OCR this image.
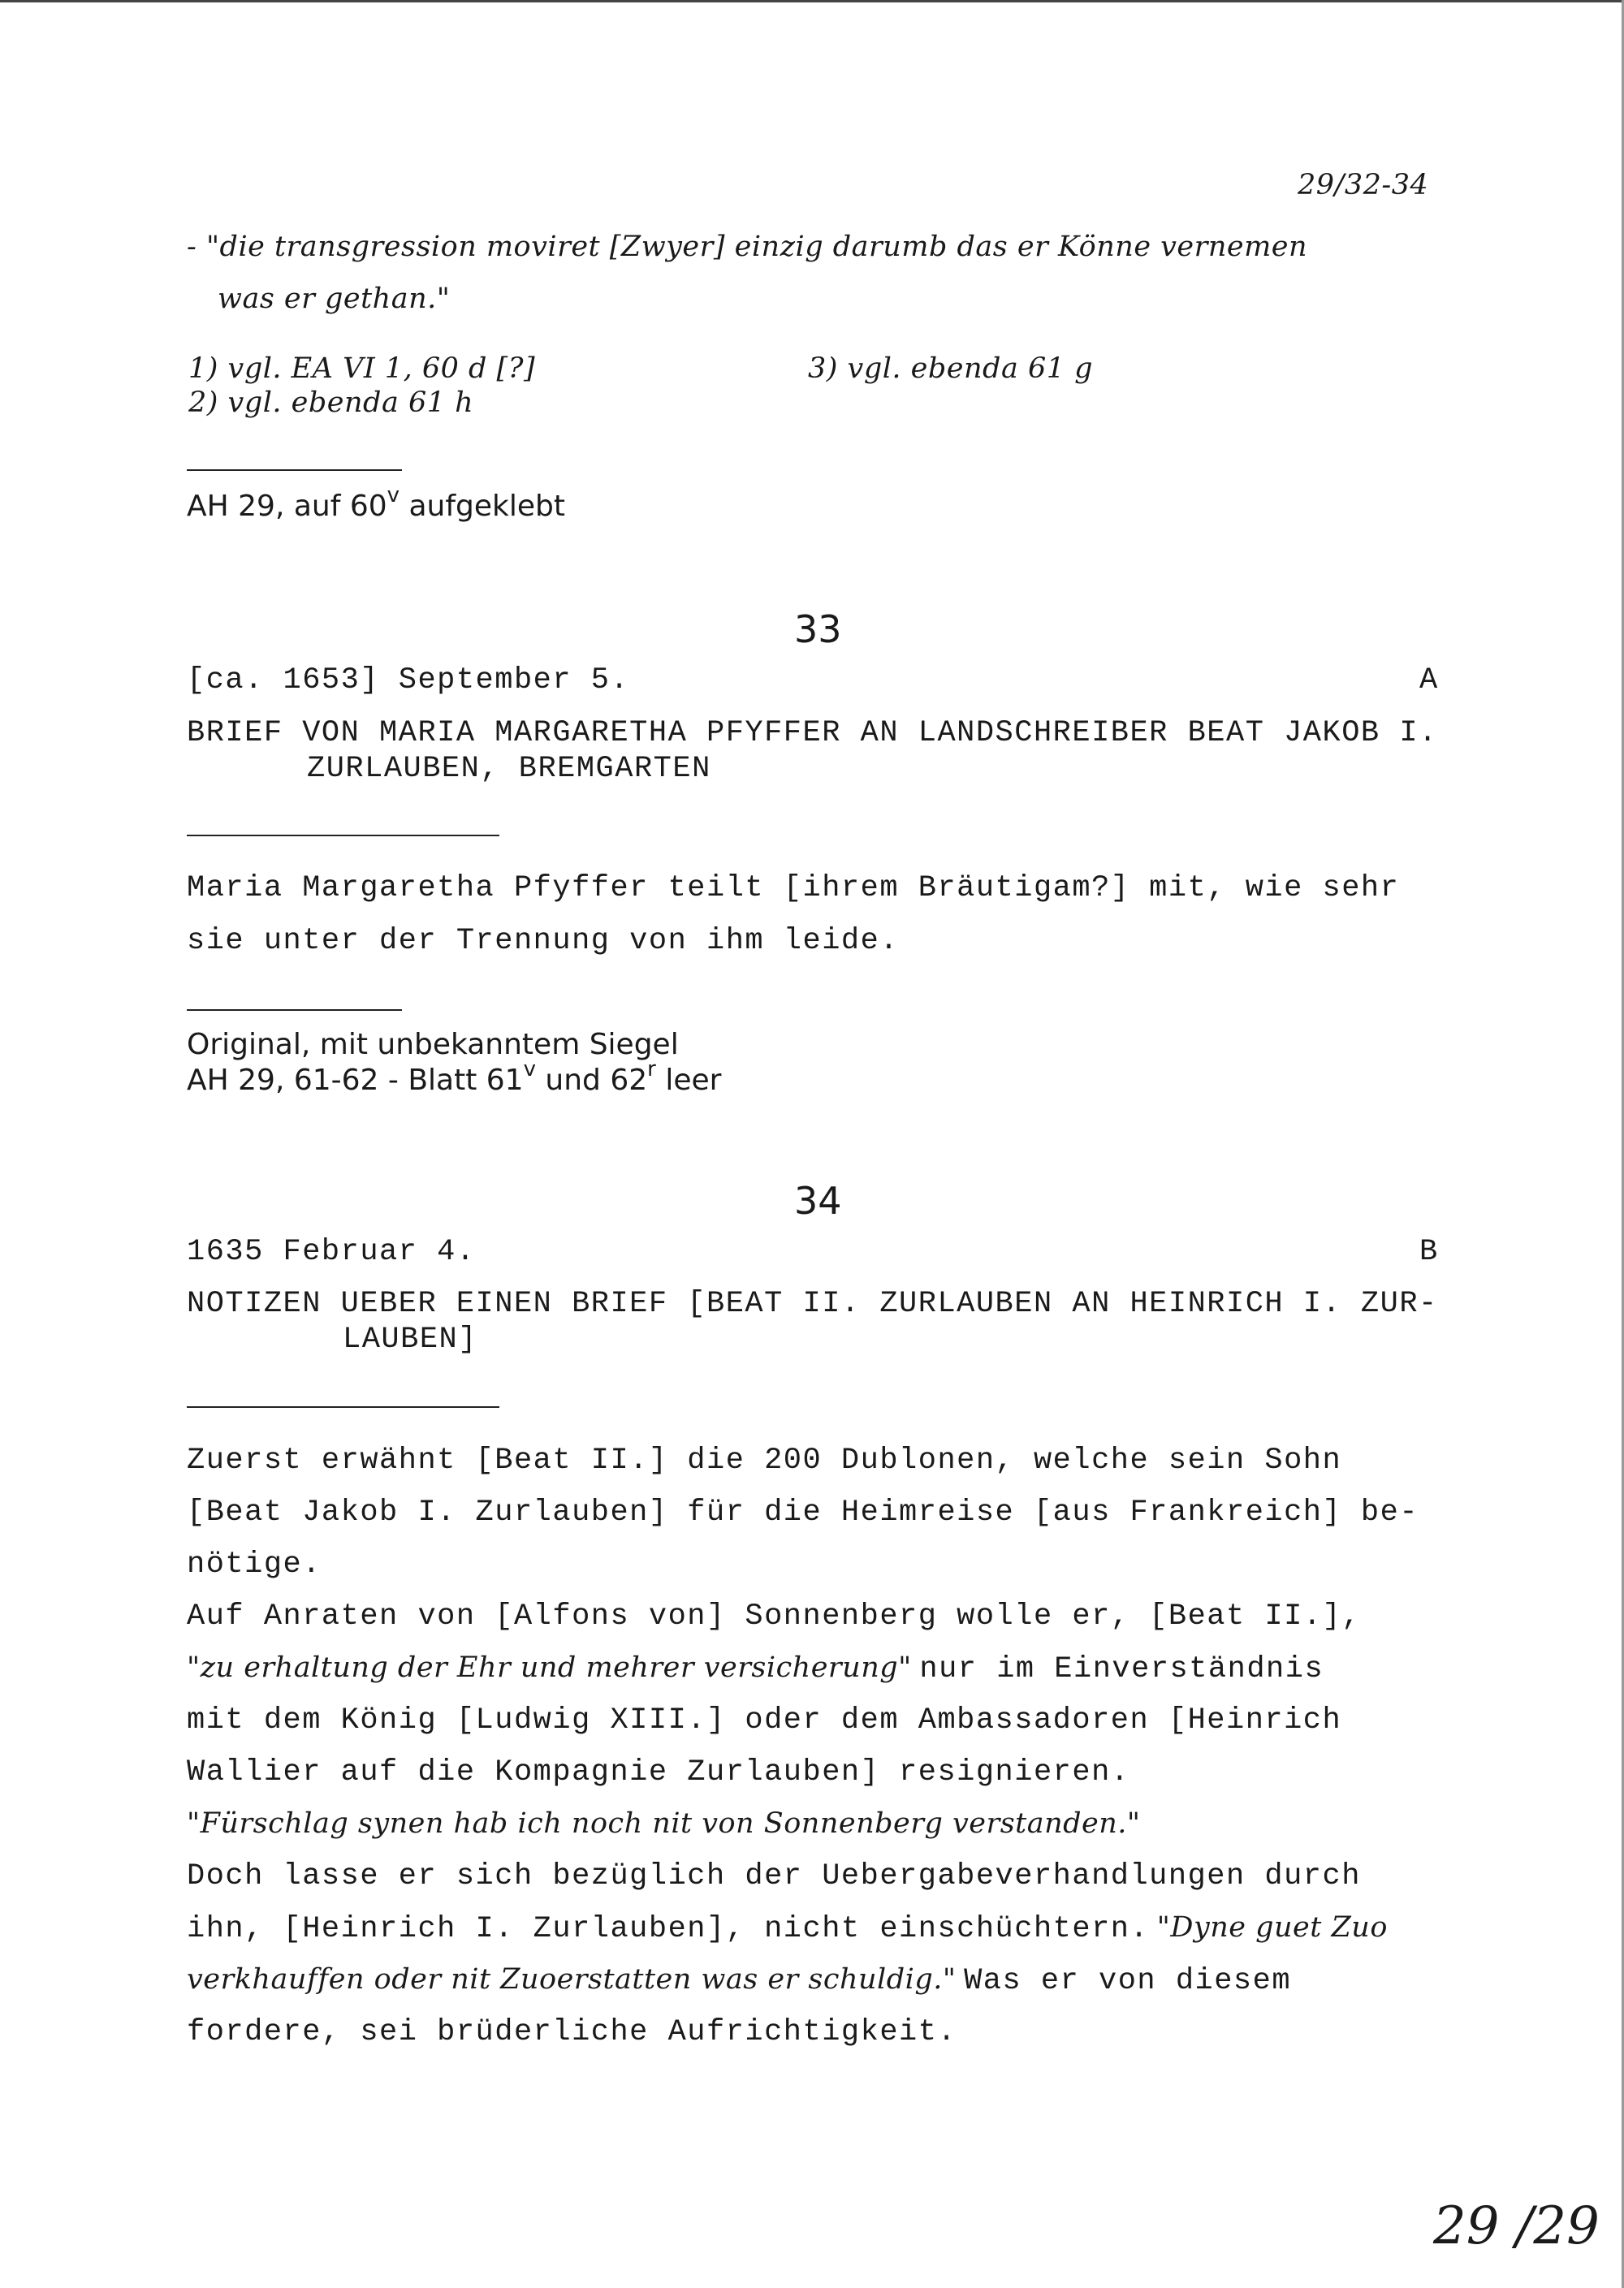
29/32-34
- "die transgression moviret [Zwyer] einzig darumb das er Könne vernemen
was er gethan."
1) vgl. EA VI 1, 60 d [?]	3) vgl. ebenda 61 g
2) vgl. ebenda 61 h
AH 29, auf 60$^v$ aufgeklebt
33
[ca. 1653] September 5.	A
BRIEF VON MARIA MARGARETHA PFYFFER AN LANDSCHREIBER BEAT JAKOB I.
ZURLAUBEN, BREMGARTEN
Maria Margaretha Pfyffer teilt [ihrem Bräutigam?] mit, wie sehr
sie unter der Trennung von ihm leide.
Original, mit unbekanntem Siegel
AH 29, 61-62 - Blatt 61$^v$ und 62$^r$ leer
34
1635 Februar 4.	B
NOTIZEN UEBER EINEN BRIEF [BEAT II. ZURLAUBEN AN HEINRICH I. ZUR-
LAUBEN]
Zuerst erwähnt [Beat II.] die 200 Dublonen, welche sein Sohn
[Beat Jakob I. Zurlauben] für die Heimreise [aus Frankreich] be-
nötige.
Auf Anraten von [Alfons von] Sonnenberg wolle er, [Beat II.],
"zu erhaltung der Ehr und mehrer versicherung" nur im Einverständnis
mit dem König [Ludwig XIII.] oder dem Ambassadoren [Heinrich
Wallier auf die Kompagnie Zurlauben] resignieren.
"Fürschlag synen hab ich noch nit von Sonnenberg verstanden."
Doch lasse er sich bezüglich der Uebergabeverhandlungen durch
ihn, [Heinrich I. Zurlauben], nicht einschüchtern. "Dyne guet Zuo
verkhauffen oder nit Zuoerstatten was er schuldig." Was er von diesem
fordere, sei brüderliche Aufrichtigkeit.
29 /29
